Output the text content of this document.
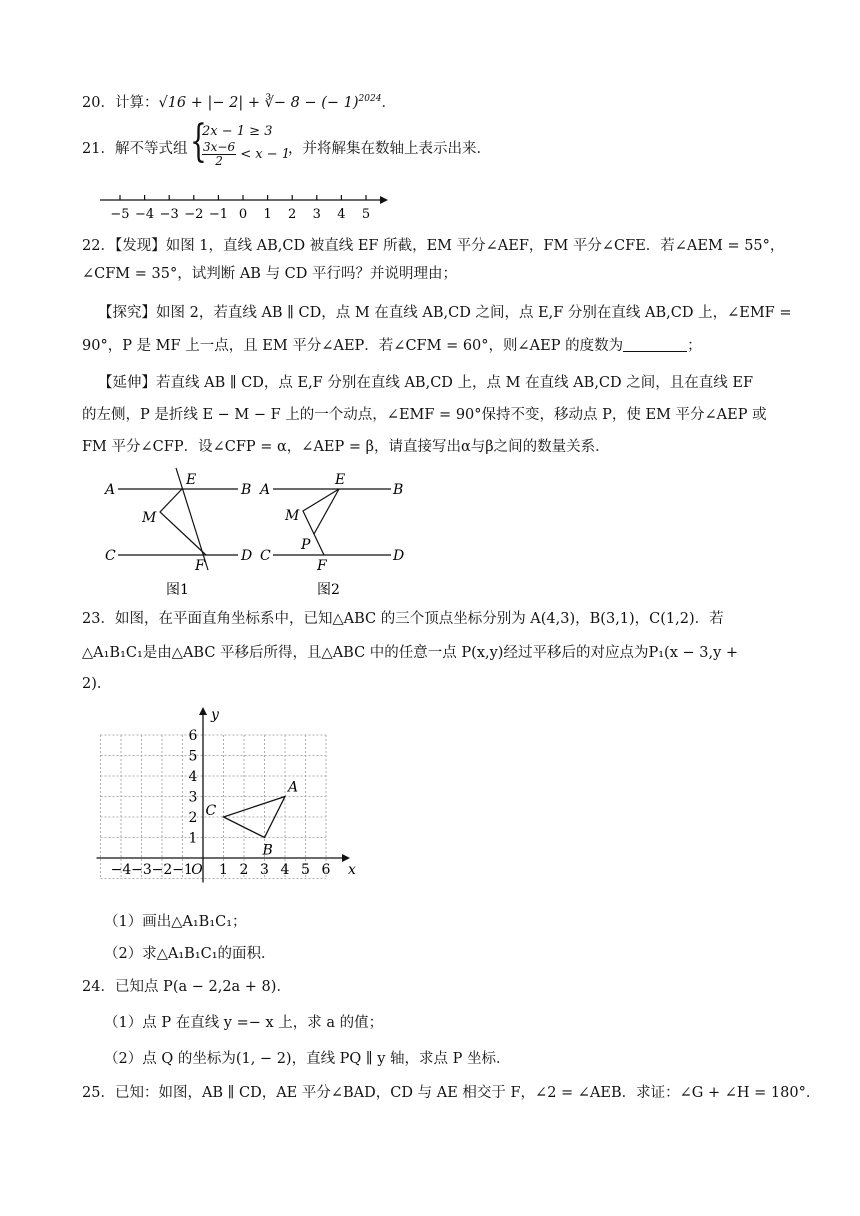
20．计算：√16 + |− 2| + ∛− 8 − (− 1)$^{2024}$．
21．解不等式组 {
2x − 1 ≥ 3
$\frac{3x-6}{2} < x - 1$
，并将解集在数轴上表示出来．
−5 −4 −3 −2 −1 0 1 2 3 4 5
22．【发现】如图 1，直线 AB,CD 被直线 EF 所截，EM 平分∠AEF，FM 平分∠CFE．若∠AEM = 55°，
∠CFM = 35°，试判断 AB 与 CD 平行吗？并说明理由；
【探究】如图 2，若直线 AB ∥ CD，点 M 在直线 AB,CD 之间，点 E,F 分别在直线 AB,CD 上，∠EMF =
90°，P 是 MF 上一点，且 EM 平分∠AEP．若∠CFM = 60°，则∠AEP 的度数为	；
【延伸】若直线 AB ∥ CD，点 E,F 分别在直线 AB,CD 上，点 M 在直线 AB,CD 之间，且在直线 EF
的左侧，P 是折线 E − M − F 上的一个动点，∠EMF = 90°保持不变，移动点 P，使 EM 平分∠AEP 或
FM 平分∠CFP．设∠CFP = α，∠AEP = β，请直接写出α与β之间的数量关系．
A	B
C	D
E
F
M
图1
A	B
C	D
E
F
M
P
图2
23．如图，在平面直角坐标系中，已知△ABC 的三个顶点坐标分别为 A(4,3)，B(3,1)，C(1,2)．若
△A₁B₁C₁是由△ABC 平移后所得，且△ABC 中的任意一点 P(x,y)经过平移后的对应点为P₁(x − 3,y +
2)．
x
y
−4 −3 −2 −1
O 1 2 3 4 5 6
1
2
3
4
5
6
A
B
C
（1）画出△A₁B₁C₁；
（2）求△A₁B₁C₁的面积．
24．已知点 P(a − 2,2a + 8)．
（1）点 P 在直线 y =− x 上，求 a 的值；
（2）点 Q 的坐标为(1, − 2)，直线 PQ ∥ y 轴，求点 P 坐标．
25．已知：如图，AB ∥ CD，AE 平分∠BAD，CD 与 AE 相交于 F，∠2 = ∠AEB．求证：∠G + ∠H = 180°．
